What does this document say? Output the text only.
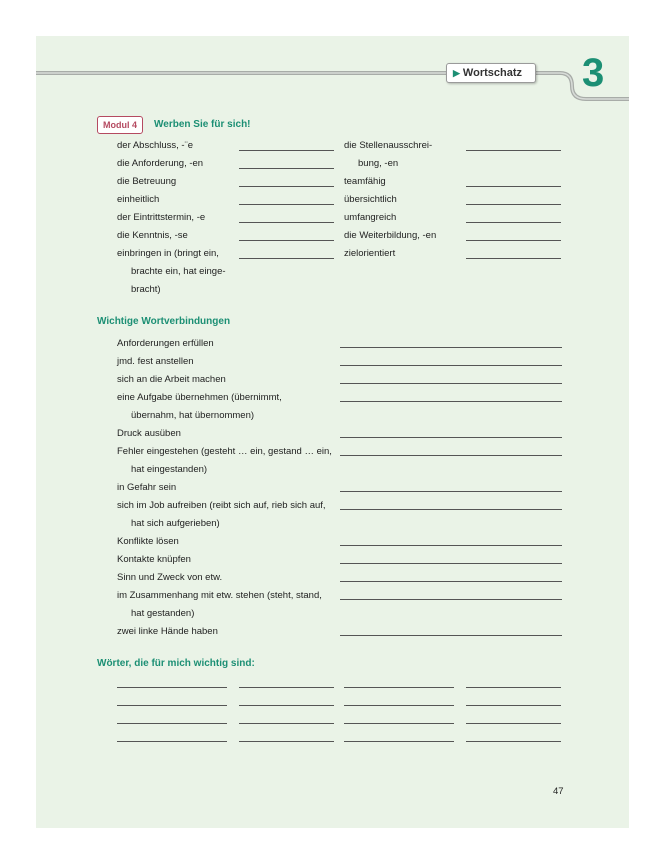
▶ Wortschatz	3
Modul 4	Werben Sie für sich!
der Abschluss, -¨e
die Anforderung, -en
die Betreuung
einheitlich
der Eintrittstermin, -e
die Kenntnis, -se
einbringen in (bringt ein,
brachte ein, hat einge-
bracht)
die Stellenausschrei-
bung, -en
teamfähig
übersichtlich
umfangreich
die Weiterbildung, -en
zielorientiert
Wichtige Wortverbindungen
Anforderungen erfüllen
jmd. fest anstellen
sich an die Arbeit machen
eine Aufgabe übernehmen (übernimmt,
übernahm, hat übernommen)
Druck ausüben
Fehler eingestehen (gesteht … ein, gestand … ein,
hat eingestanden)
in Gefahr sein
sich im Job aufreiben (reibt sich auf, rieb sich auf,
hat sich aufgerieben)
Konflikte lösen
Kontakte knüpfen
Sinn und Zweck von etw.
im Zusammenhang mit etw. stehen (steht, stand,
hat gestanden)
zwei linke Hände haben
Wörter, die für mich wichtig sind:
47
